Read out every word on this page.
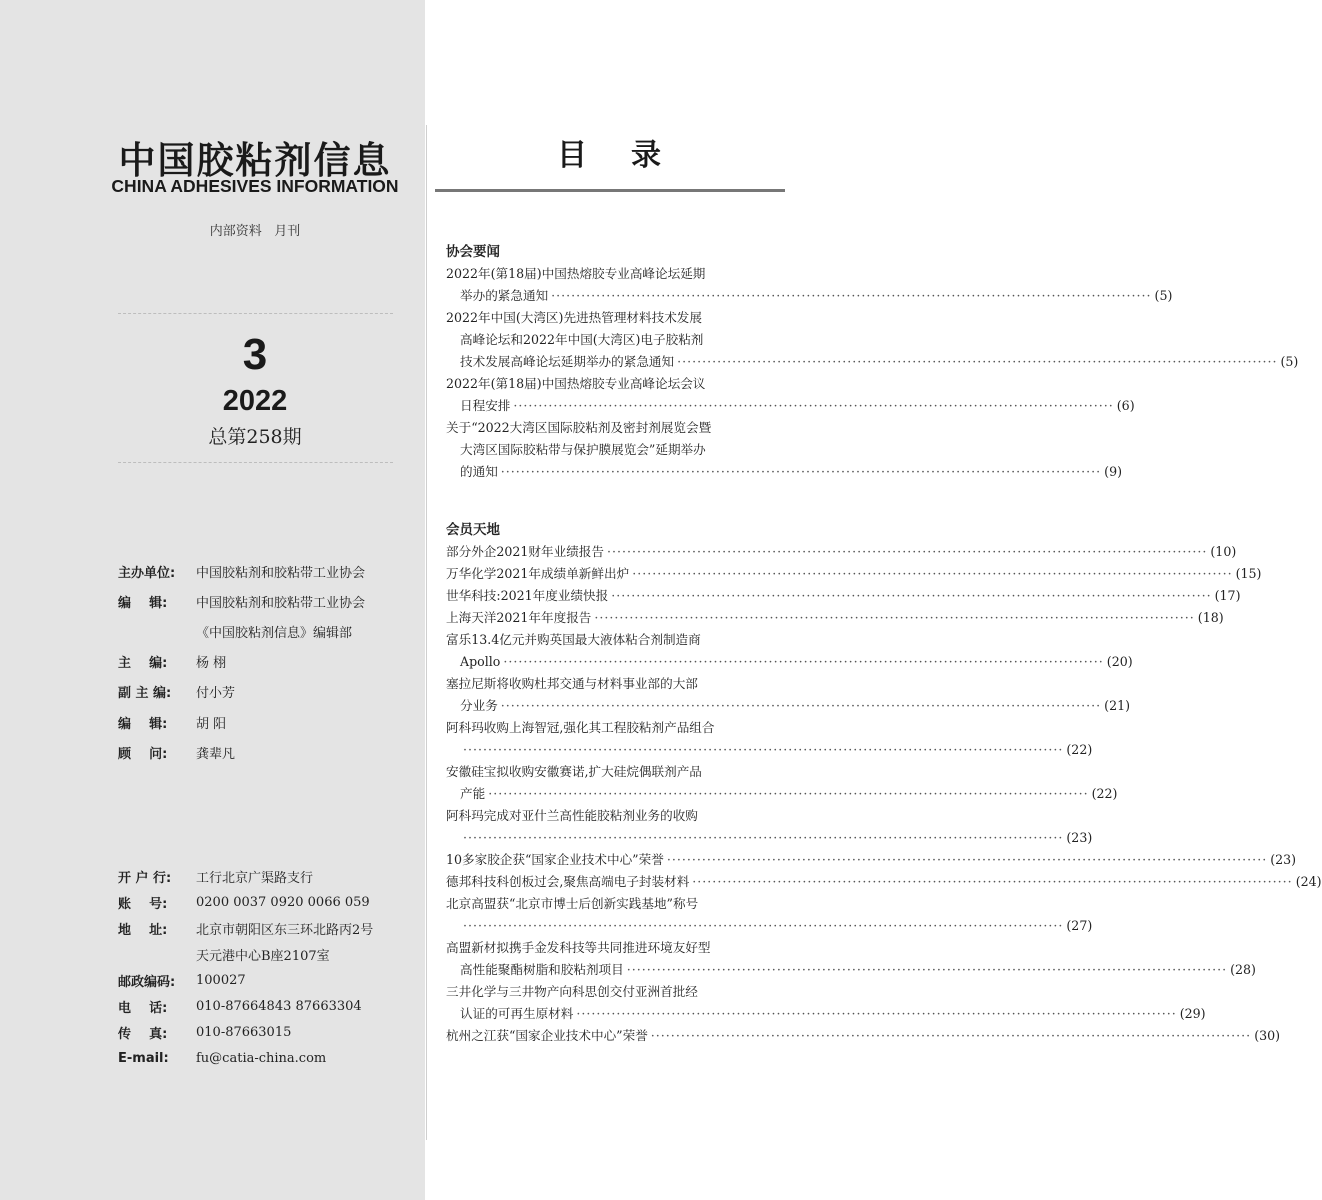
中国胶粘剂信息
CHINA ADHESIVES INFORMATION
内部资料   月刊
3
2022
总第258期
主办单位:	中国胶粘剂和胶粘带工业协会
编    辑:	中国胶粘剂和胶粘带工业协会
《中国胶粘剂信息》编辑部
主    编:	杨 栩
副 主 编:	付小芳
编    辑:	胡 阳
顾    问:	龚辈凡
开 户 行:	工行北京广渠路支行
账    号:	0200 0037 0920 0066 059
地    址:	北京市朝阳区东三环北路丙2号
天元港中心B座2107室
邮政编码:	100027
电    话:	010-87664843 87663304
传    真:	010-87663015
E-mail:	fu@catia-china.com
目录
协会要闻
2022年(第18届)中国热熔胶专业高峰论坛延期
举办的紧急通知 ························································································································ (5)
2022年中国(大湾区)先进热管理材料技术发展
高峰论坛和2022年中国(大湾区)电子胶粘剂
技术发展高峰论坛延期举办的紧急通知 ························································································································ (5)
2022年(第18届)中国热熔胶专业高峰论坛会议
日程安排 ························································································································ (6)
关于“2022大湾区国际胶粘剂及密封剂展览会暨
大湾区国际胶粘带与保护膜展览会”延期举办
的通知 ························································································································ (9)
会员天地
部分外企2021财年业绩报告 ························································································································ (10)
万华化学2021年成绩单新鲜出炉 ························································································································ (15)
世华科技:2021年度业绩快报 ························································································································ (17)
上海天洋2021年年度报告 ························································································································ (18)
富乐13.4亿元并购英国最大液体粘合剂制造商
Apollo ························································································································ (20)
塞拉尼斯将收购杜邦交通与材料事业部的大部
分业务 ························································································································ (21)
阿科玛收购上海智冠,强化其工程胶粘剂产品组合
························································································································ (22)
安徽硅宝拟收购安徽赛诺,扩大硅烷偶联剂产品
产能 ························································································································ (22)
阿科玛完成对亚什兰高性能胶粘剂业务的收购
························································································································ (23)
10多家胶企获“国家企业技术中心”荣誉 ························································································································ (23)
德邦科技科创板过会,聚焦高端电子封装材料 ························································································································ (24)
北京高盟获“北京市博士后创新实践基地”称号
························································································································ (27)
高盟新材拟携手金发科技等共同推进环境友好型
高性能聚酯树脂和胶粘剂项目 ························································································································ (28)
三井化学与三井物产向科思创交付亚洲首批经
认证的可再生原材料 ························································································································ (29)
杭州之江获“国家企业技术中心”荣誉 ························································································································ (30)
